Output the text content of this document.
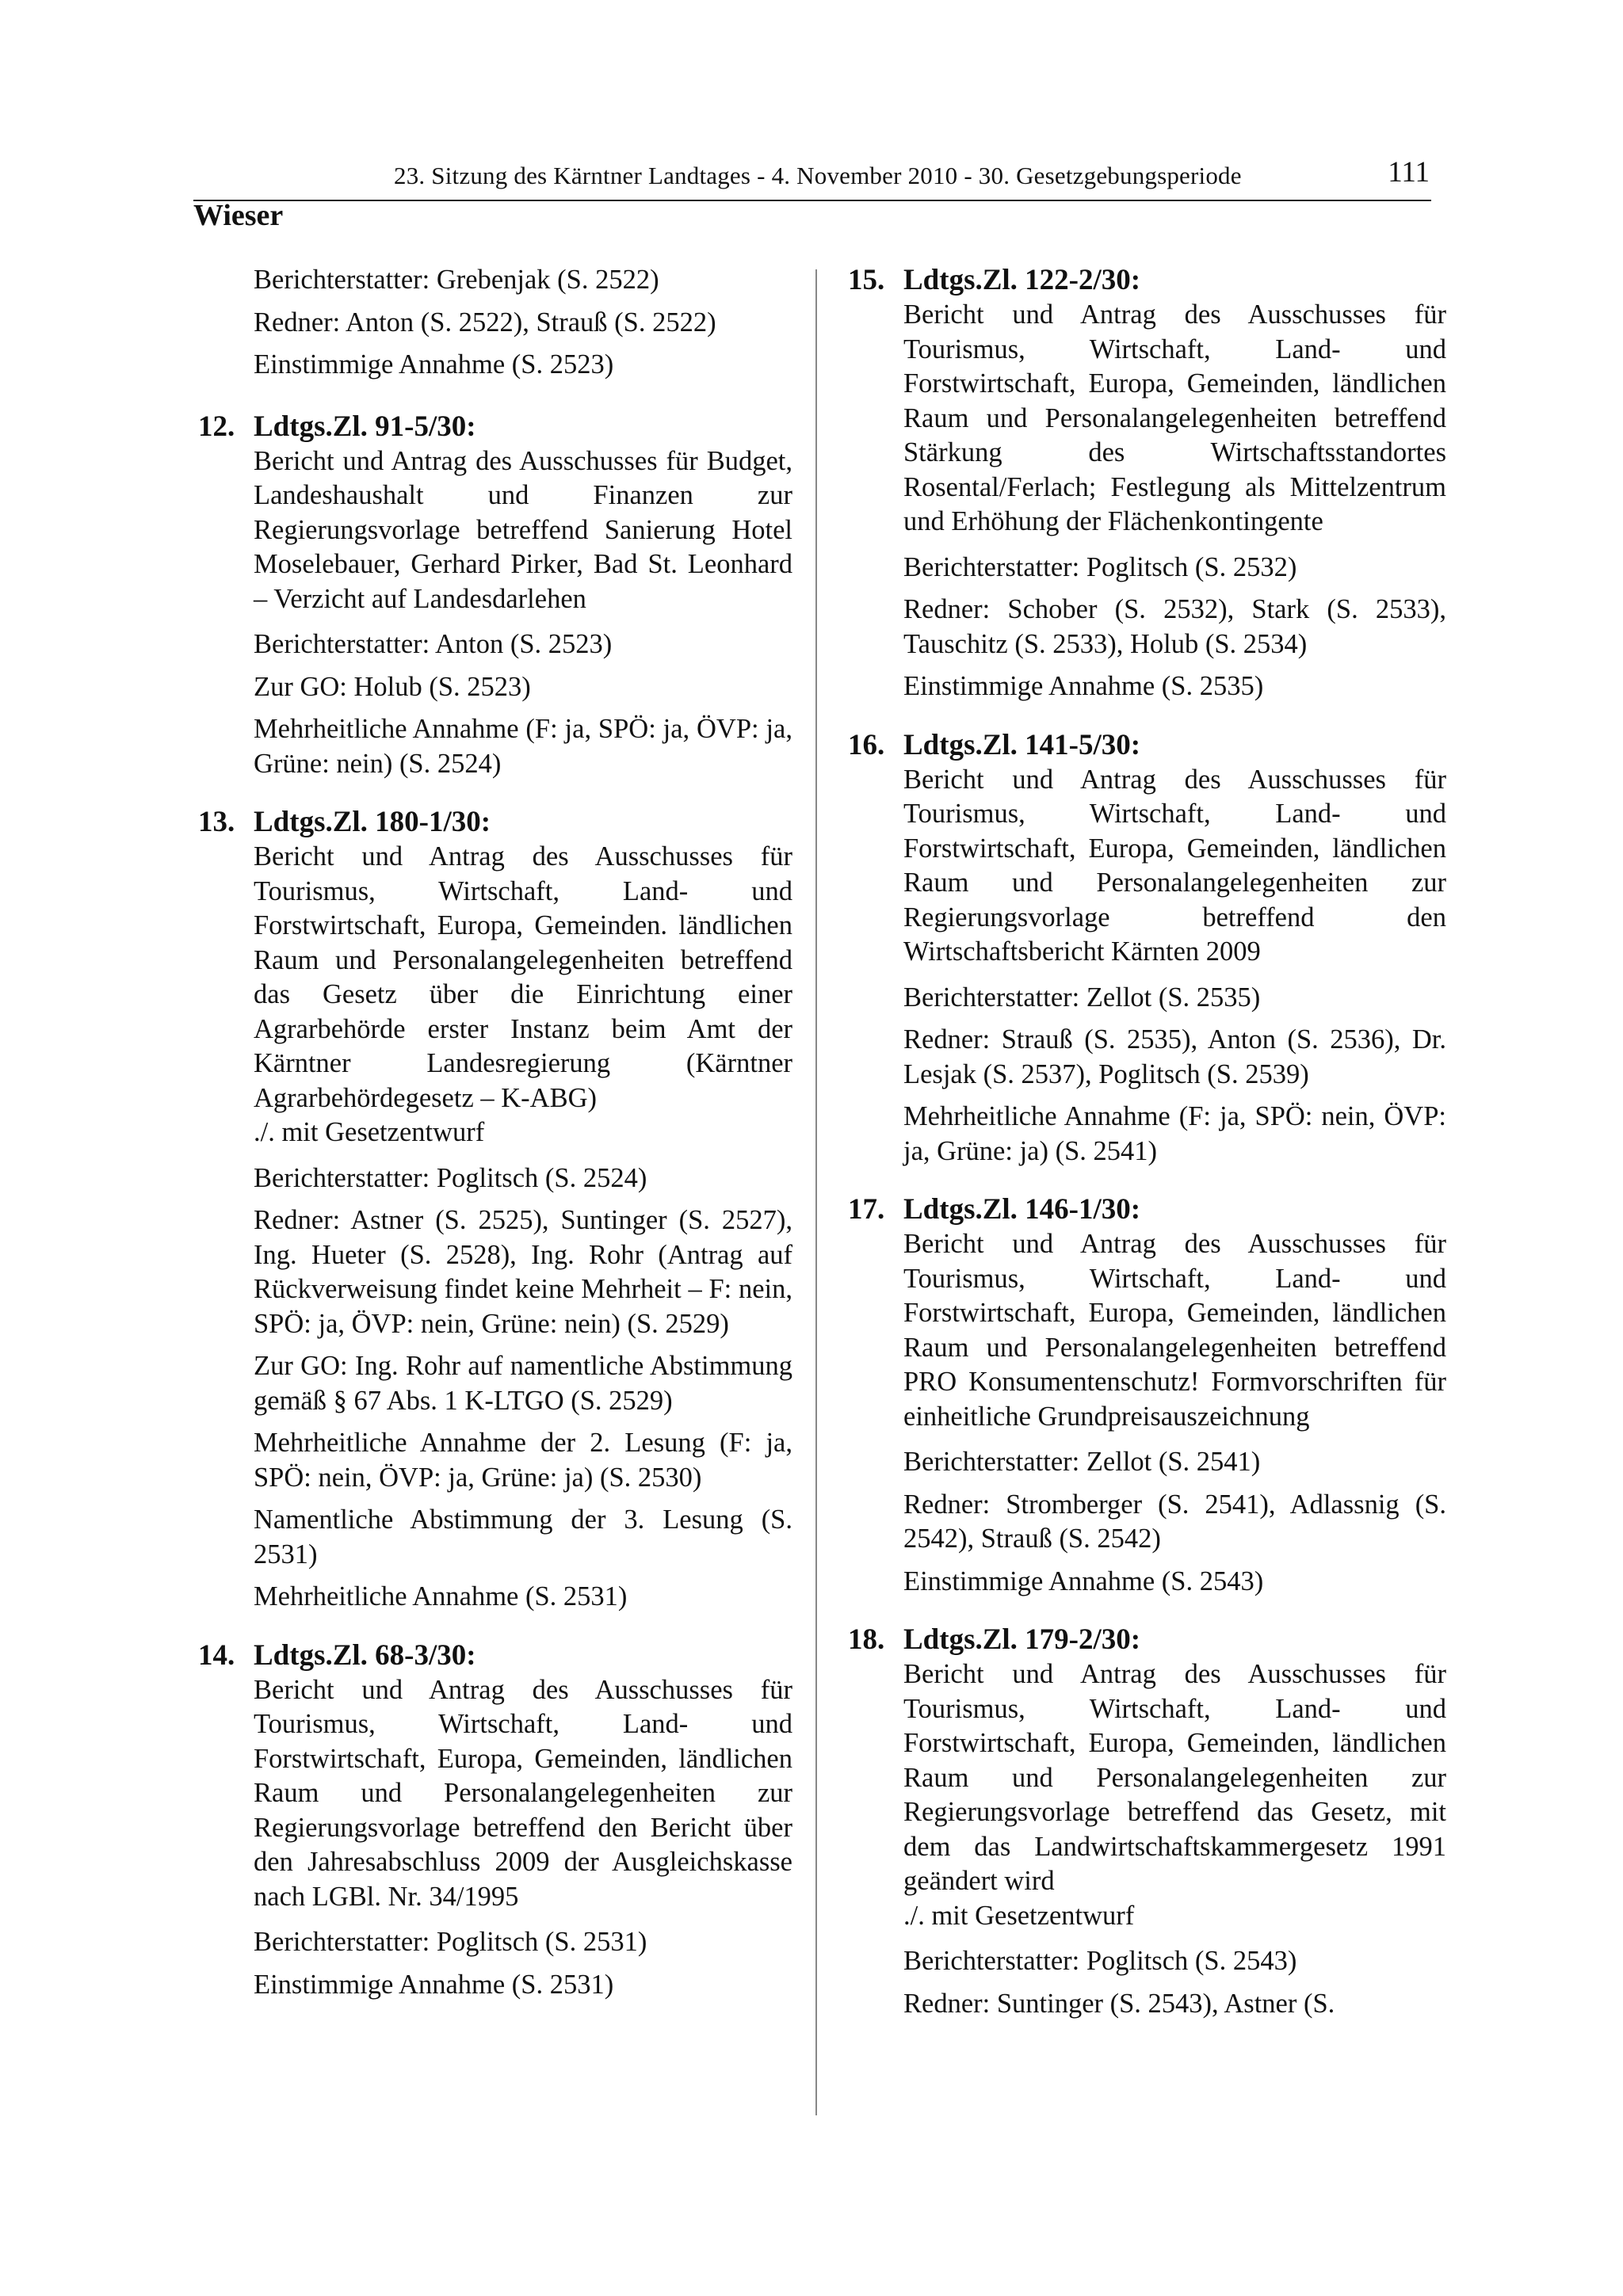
23. Sitzung des Kärntner Landtages - 4. November 2010 - 30. Gesetzgebungsperiode	111
Wieser
Berichterstatter: Grebenjak (S. 2522)
Redner: Anton (S. 2522), Strauß (S. 2522)
Einstimmige Annahme (S. 2523)
12. Ldtgs.Zl. 91-5/30:
Bericht und Antrag des Ausschusses für Budget, Landeshaushalt und Finanzen zur Regierungsvorlage betreffend Sanierung Hotel Moselebauer, Gerhard Pirker, Bad St. Leonhard – Verzicht auf Landesdarlehen
Berichterstatter: Anton (S. 2523)
Zur GO: Holub (S. 2523)
Mehrheitliche Annahme (F: ja, SPÖ: ja, ÖVP: ja, Grüne: nein) (S. 2524)
13. Ldtgs.Zl. 180-1/30:
Bericht und Antrag des Ausschusses für Tourismus, Wirtschaft, Land- und Forstwirtschaft, Europa, Gemeinden. ländlichen Raum und Personalangelegenheiten betreffend das Gesetz über die Einrichtung einer Agrarbehörde erster Instanz beim Amt der Kärntner Landesregierung (Kärntner Agrarbehördegesetz – K-ABG)
./. mit Gesetzentwurf
Berichterstatter: Poglitsch (S. 2524)
Redner: Astner (S. 2525), Suntinger (S. 2527), Ing. Hueter (S. 2528), Ing. Rohr (Antrag auf Rückverweisung findet keine Mehrheit – F: nein, SPÖ: ja, ÖVP: nein, Grüne: nein) (S. 2529)
Zur GO: Ing. Rohr auf namentliche Abstimmung gemäß § 67 Abs. 1 K-LTGO (S. 2529)
Mehrheitliche Annahme der 2. Lesung (F: ja, SPÖ: nein, ÖVP: ja, Grüne: ja) (S. 2530)
Namentliche Abstimmung der 3. Lesung (S. 2531)
Mehrheitliche Annahme (S. 2531)
14. Ldtgs.Zl. 68-3/30:
Bericht und Antrag des Ausschusses für Tourismus, Wirtschaft, Land- und Forstwirtschaft, Europa, Gemeinden, ländlichen Raum und Personalangelegenheiten zur Regierungsvorlage betreffend den Bericht über den Jahresabschluss 2009 der Ausgleichskasse nach LGBl. Nr. 34/1995
Berichterstatter: Poglitsch (S. 2531)
Einstimmige Annahme (S. 2531)
15. Ldtgs.Zl. 122-2/30:
Bericht und Antrag des Ausschusses für Tourismus, Wirtschaft, Land- und Forstwirtschaft, Europa, Gemeinden, ländlichen Raum und Personalangelegenheiten betreffend Stärkung des Wirtschaftsstandortes Rosental/Ferlach; Festlegung als Mittelzentrum und Erhöhung der Flächenkontingente
Berichterstatter: Poglitsch (S. 2532)
Redner: Schober (S. 2532), Stark (S. 2533), Tauschitz (S. 2533), Holub (S. 2534)
Einstimmige Annahme (S. 2535)
16. Ldtgs.Zl. 141-5/30:
Bericht und Antrag des Ausschusses für Tourismus, Wirtschaft, Land- und Forstwirtschaft, Europa, Gemeinden, ländlichen Raum und Personalangelegenheiten zur Regierungsvorlage betreffend den Wirtschaftsbericht Kärnten 2009
Berichterstatter: Zellot (S. 2535)
Redner: Strauß (S. 2535), Anton (S. 2536), Dr. Lesjak (S. 2537), Poglitsch (S. 2539)
Mehrheitliche Annahme (F: ja, SPÖ: nein, ÖVP: ja, Grüne: ja) (S. 2541)
17. Ldtgs.Zl. 146-1/30:
Bericht und Antrag des Ausschusses für Tourismus, Wirtschaft, Land- und Forstwirtschaft, Europa, Gemeinden, ländlichen Raum und Personalangelegenheiten betreffend PRO Konsumentenschutz! Formvorschriften für einheitliche Grundpreisauszeichnung
Berichterstatter: Zellot (S. 2541)
Redner: Stromberger (S. 2541), Adlassnig (S. 2542), Strauß (S. 2542)
Einstimmige Annahme (S. 2543)
18. Ldtgs.Zl. 179-2/30:
Bericht und Antrag des Ausschusses für Tourismus, Wirtschaft, Land- und Forstwirtschaft, Europa, Gemeinden, ländlichen Raum und Personalangelegenheiten zur Regierungsvorlage betreffend das Gesetz, mit dem das Landwirtschaftskammergesetz 1991 geändert wird
./. mit Gesetzentwurf
Berichterstatter: Poglitsch (S. 2543)
Redner: Suntinger (S. 2543), Astner (S.
